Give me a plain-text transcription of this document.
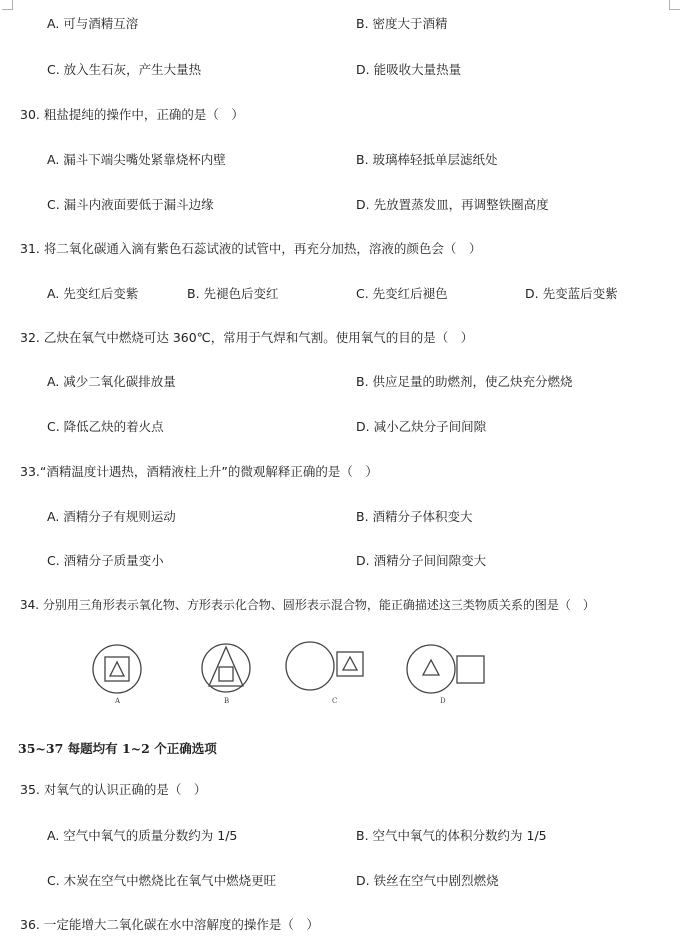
A. 可与酒精互溶	B. 密度大于酒精
C. 放入生石灰，产生大量热	D. 能吸收大量热量
30. 粗盐提纯的操作中，正确的是（　）
A. 漏斗下端尖嘴处紧靠烧杯内壁	B. 玻璃棒轻抵单层滤纸处
C. 漏斗内液面要低于漏斗边缘	D. 先放置蒸发皿，再调整铁圈高度
31. 将二氧化碳通入滴有紫色石蕊试液的试管中，再充分加热，溶液的颜色会（　）
A. 先变红后变紫	B. 先褪色后变红	C. 先变红后褪色	D. 先变蓝后变紫
32. 乙炔在氧气中燃烧可达 360℃，常用于气焊和气割。使用氧气的目的是（　）
A. 减少二氧化碳排放量	B. 供应足量的助燃剂，使乙炔充分燃烧
C. 降低乙炔的着火点	D. 减小乙炔分子间间隙
33.“酒精温度计遇热，酒精液柱上升”的微观解释正确的是（　）
A. 酒精分子有规则运动	B. 酒精分子体积变大
C. 酒精分子质量变小	D. 酒精分子间间隙变大
34. 分别用三角形表示氧化物、方形表示化合物、圆形表示混合物，能正确描述这三类物质关系的图是（　）
A	B	C	D
35~37 每题均有 1~2 个正确选项
35. 对氧气的认识正确的是（　）
A. 空气中氧气的质量分数约为 1/5	B. 空气中氧气的体积分数约为 1/5
C. 木炭在空气中燃烧比在氧气中燃烧更旺	D. 铁丝在空气中剧烈燃烧
36. 一定能增大二氧化碳在水中溶解度的操作是（　）
